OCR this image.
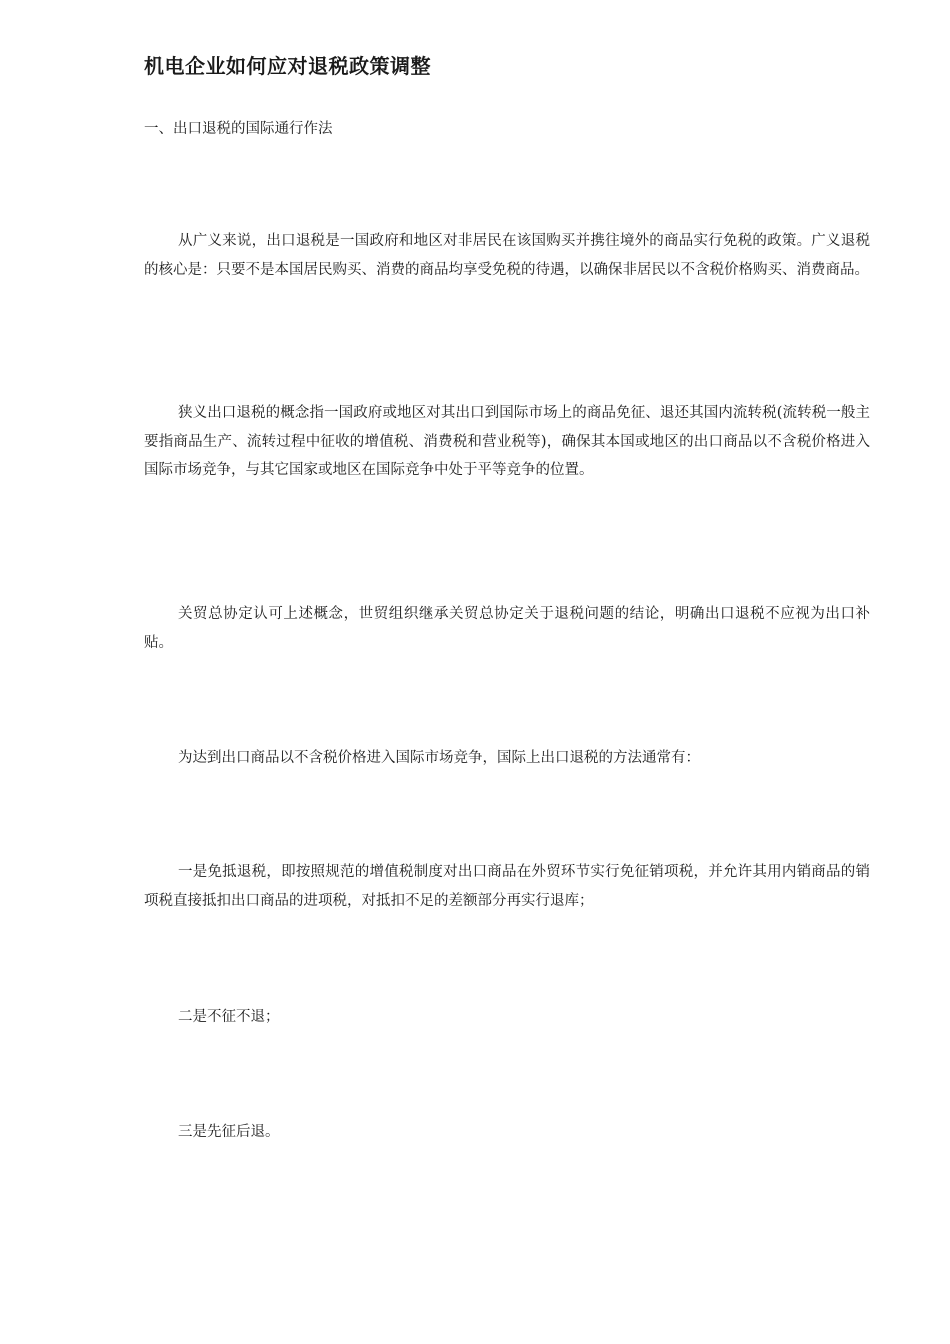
机电企业如何应对退税政策调整
一、出口退税的国际通行作法

从广义来说，出口退税是一国政府和地区对非居民在该国购买并携往境外的商品实行免税的政策。广义退税的核心是：只要不是本国居民购买、消费的商品均享受免税的待遇，以确保非居民以不含税价格购买、消费商品。

狭义出口退税的概念指一国政府或地区对其出口到国际市场上的商品免征、退还其国内流转税(流转税一般主要指商品生产、流转过程中征收的增值税、消费税和营业税等)，确保其本国或地区的出口商品以不含税价格进入国际市场竞争，与其它国家或地区在国际竞争中处于平等竞争的位置。

关贸总协定认可上述概念，世贸组织继承关贸总协定关于退税问题的结论，明确出口退税不应视为出口补贴。

为达到出口商品以不含税价格进入国际市场竞争，国际上出口退税的方法通常有：

一是免抵退税，即按照规范的增值税制度对出口商品在外贸环节实行免征销项税，并允许其用内销商品的销项税直接抵扣出口商品的进项税，对抵扣不足的差额部分再实行退库；

二是不征不退；

三是先征后退。
